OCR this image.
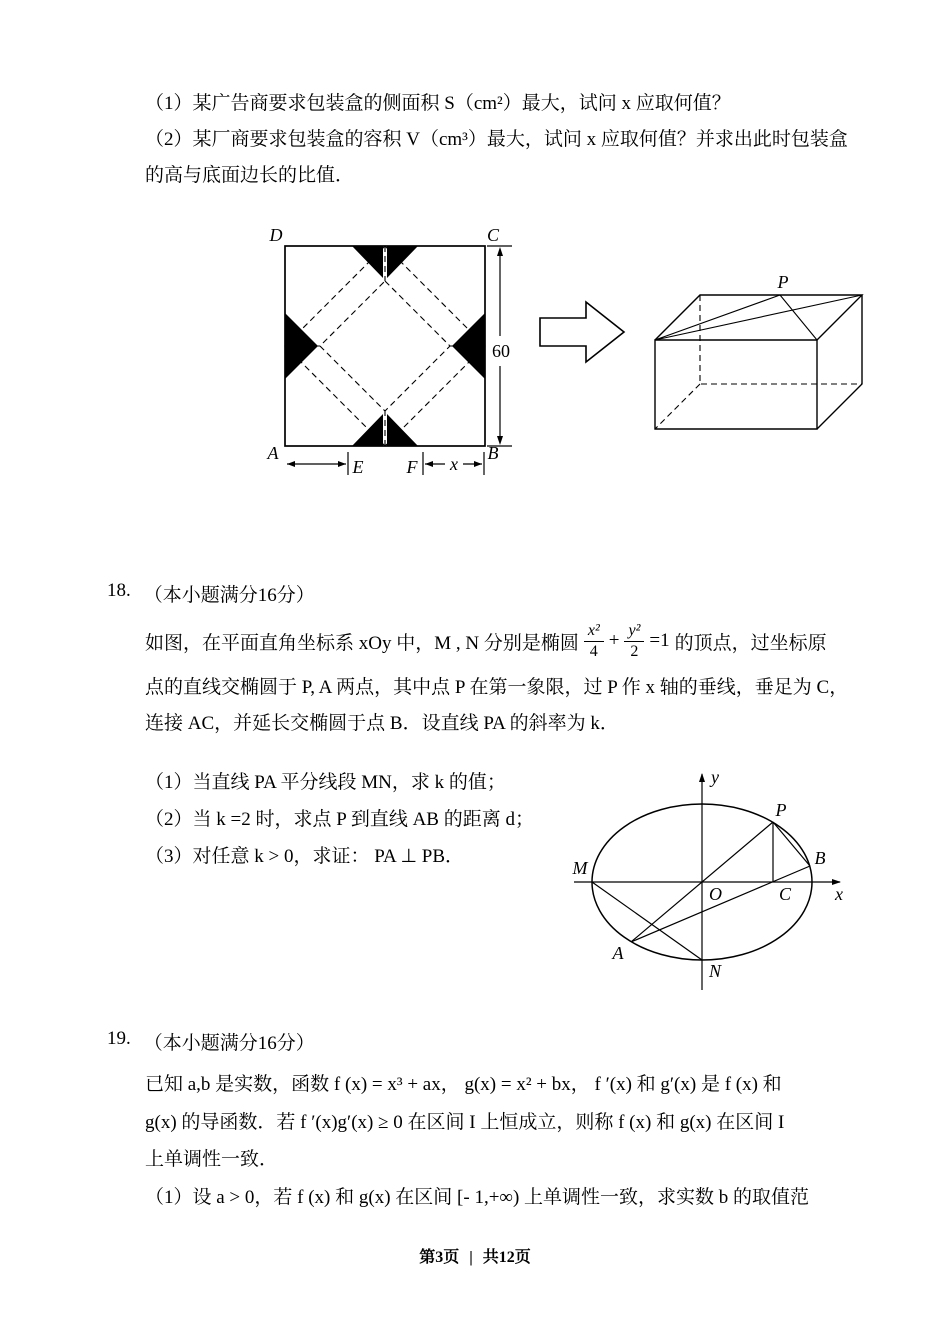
（1）某广告商要求包装盒的侧面积 S（cm²）最大，试问 x 应取何值？
（2）某厂商要求包装盒的容积 V（cm³）最大，试问 x 应取何值？并求出此时包装盒
的高与底面边长的比值．
60
D	C
A	B
x
E F
P
18. （本小题满分16分）
如图，在平面直角坐标系 xOy 中，M , N 分别是椭圆 $\frac{\text{x²}}{4} + \frac{\text{y²}}{2} =1$ 的顶点，过坐标原
点的直线交椭圆于 P, A 两点，其中点 P 在第一象限，过 P 作 x 轴的垂线，垂足为 C，
连接 AC，并延长交椭圆于点 B．设直线 PA 的斜率为 k．
（1）当直线 PA 平分线段 MN，求 k 的值；
（2）当 k =2 时，求点 P 到直线 AB 的距离 d；
（3）对任意 k > 0，求证： PA ⊥ PB．
y
x
M	B
N
O	C
P
A
19. （本小题满分16分）
已知 a,b 是实数，函数 f (x) = x³ + ax， g(x) = x² + bx， f ′(x) 和 g′(x) 是 f (x) 和
g(x) 的导函数．若 f ′(x)g′(x) ≥ 0 在区间 I 上恒成立，则称 f (x) 和 g(x) 在区间 I
上单调性一致．
（1）设 a > 0，若 f (x) 和 g(x) 在区间 [- 1,+∞) 上单调性一致，求实数 b 的取值范
第3页 | 共12页
